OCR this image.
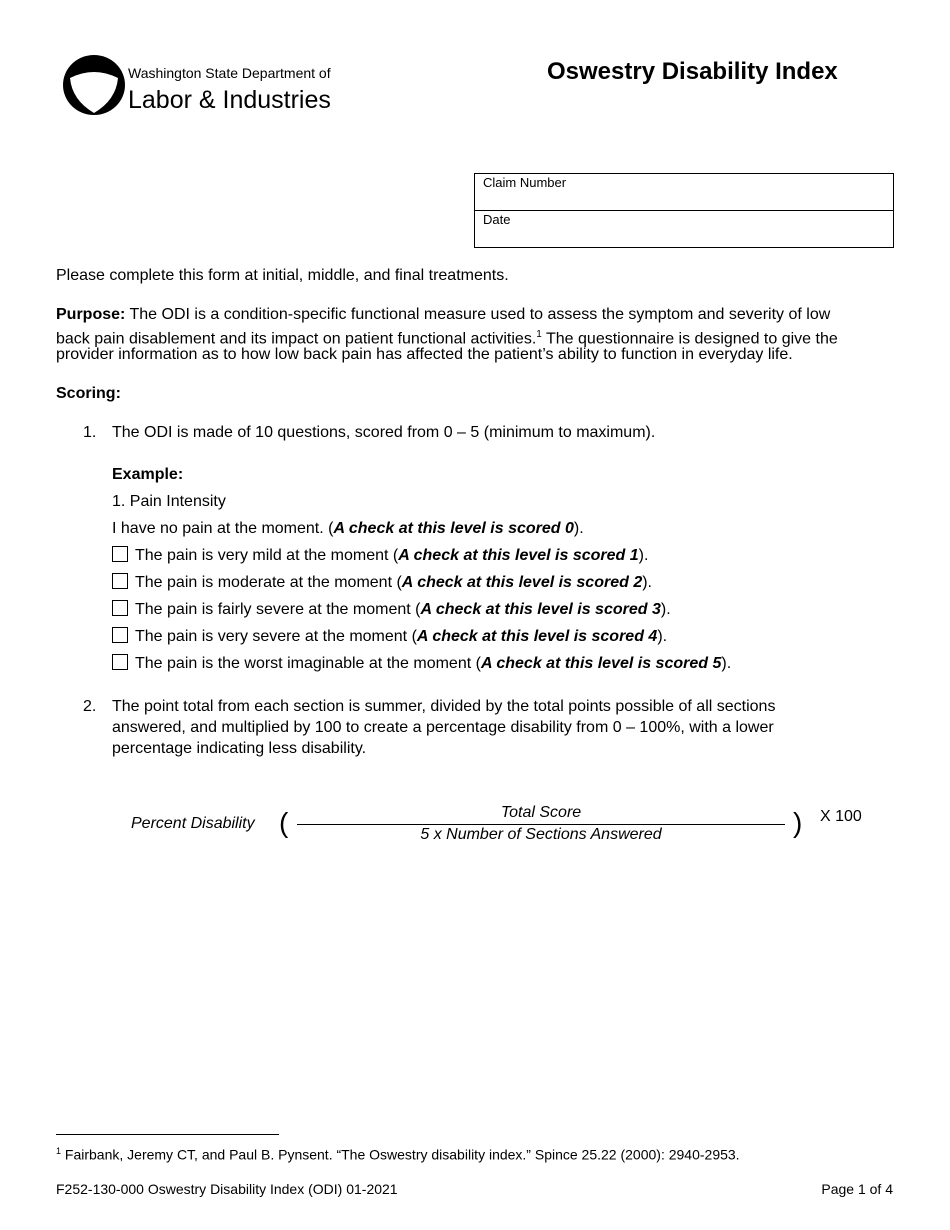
Washington State Department of
Labor & Industries
Oswestry Disability Index
Claim Number
Date
Please complete this form at initial, middle, and final treatments.
Purpose: The ODI is a condition-specific functional measure used to assess the symptom and severity of low
back pain disablement and its impact on patient functional activities.$^1$ The questionnaire is designed to give the
provider information as to how low back pain has affected the patient’s ability to function in everyday life.
Scoring:
1. The ODI is made of 10 questions, scored from 0 – 5 (minimum to maximum).
Example:
1. Pain Intensity
I have no pain at the moment. (A check at this level is scored 0).
The pain is very mild at the moment (A check at this level is scored 1).
The pain is moderate at the moment (A check at this level is scored 2).
The pain is fairly severe at the moment (A check at this level is scored 3).
The pain is very severe at the moment (A check at this level is scored 4).
The pain is the worst imaginable at the moment (A check at this level is scored 5).
2. The point total from each section is summer, divided by the total points possible of all sections
answered, and multiplied by 100 to create a percentage disability from 0 – 100%, with a lower
percentage indicating less disability.
Percent Disability (	Total Score
5 x Number of Sections Answered	) X 100
$^1$ Fairbank, Jeremy CT, and Paul B. Pynsent. “The Oswestry disability index.” Spince 25.22 (2000): 2940-2953.
F252-130-000 Oswestry Disability Index (ODI) 01-2021	Page 1 of 4
